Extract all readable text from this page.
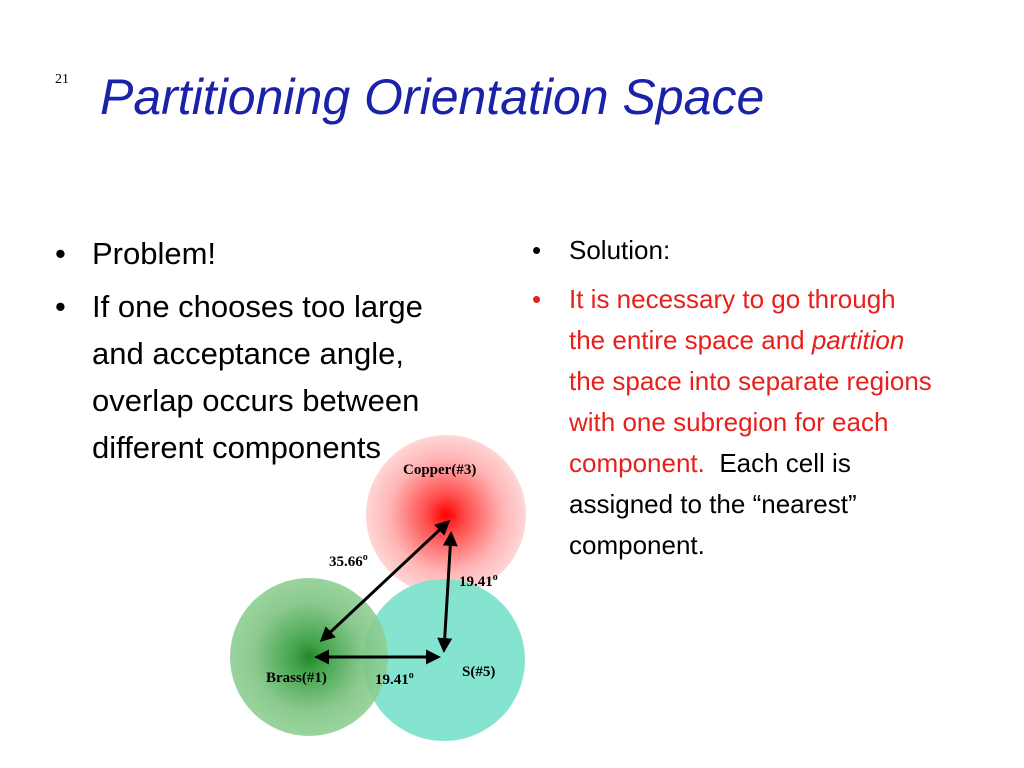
21 Partitioning Orientation Space
• Problem!
• If one chooses too large and acceptance angle, overlap occurs between different components
• Solution:
• It is necessary to go through the entire space and partition the space into separate regions with one subregion for each component.  Each cell is assigned to the “nearest” component.
Copper(#3)
Brass(#1)	S(#5)
35.66$^o$
19.41$^o$
19.41$^o$
